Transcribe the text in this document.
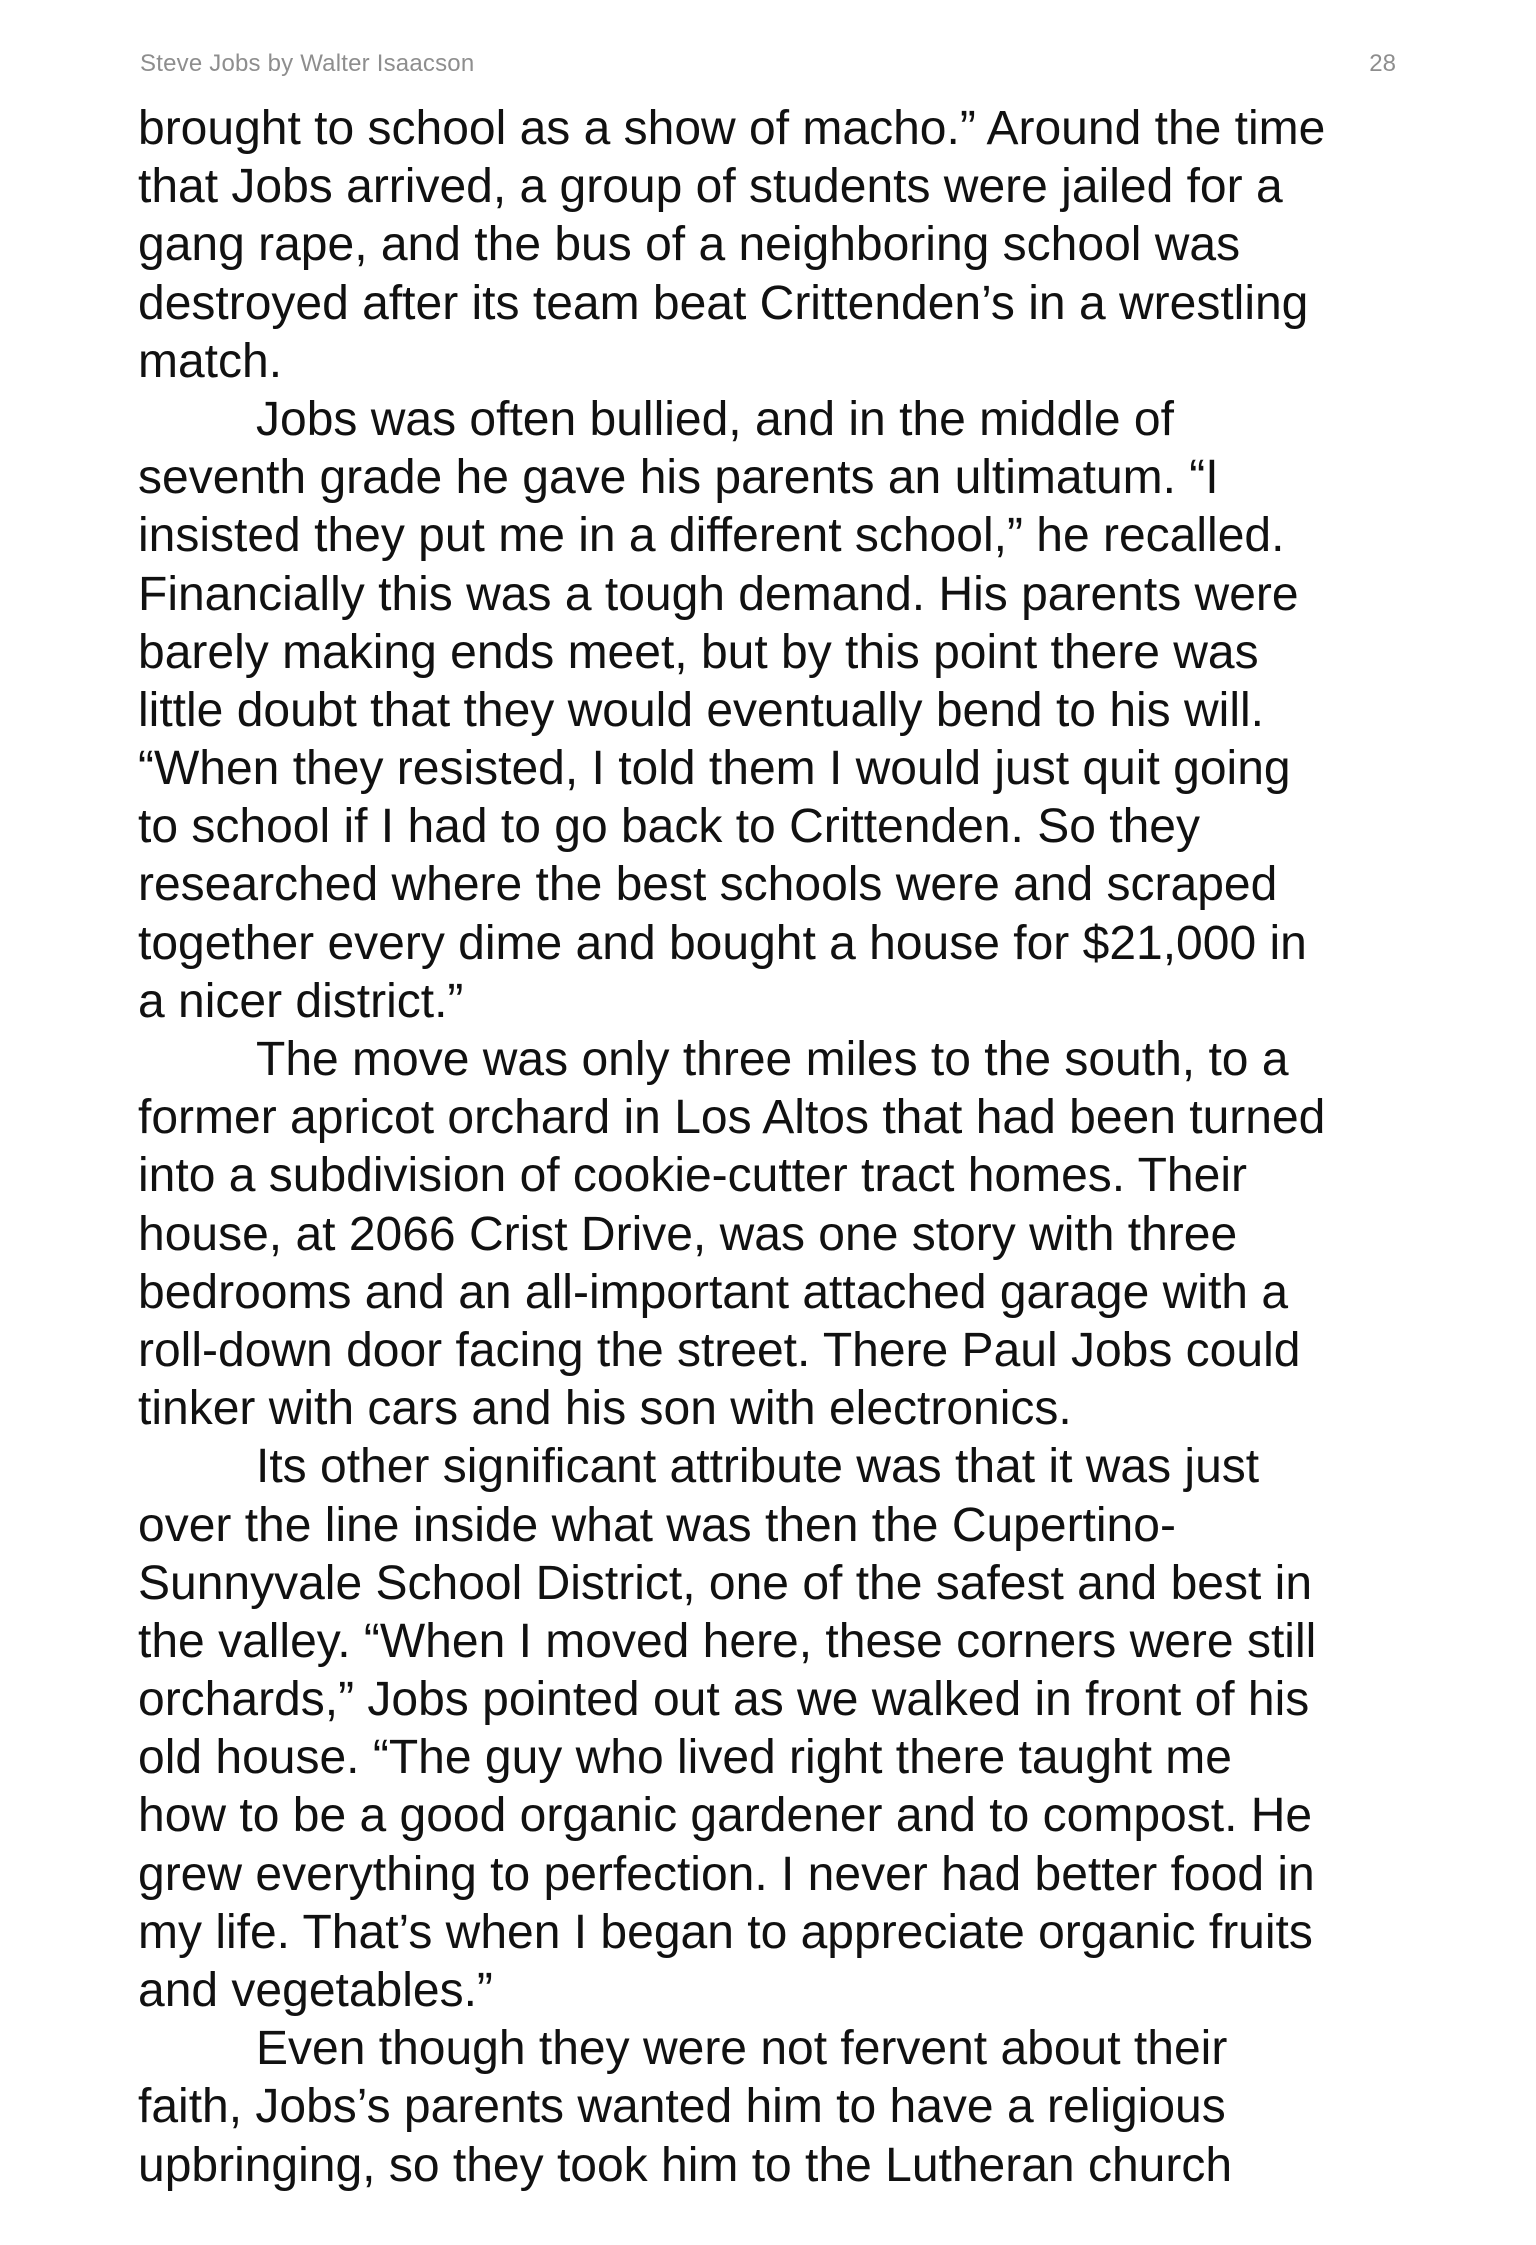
Steve Jobs by Walter Isaacson	28
brought to school as a show of macho.” Around the time
that Jobs arrived, a group of students were jailed for a
gang rape, and the bus of a neighboring school was
destroyed after its team beat Crittenden’s in a wrestling
match.
Jobs was often bullied, and in the middle of
seventh grade he gave his parents an ultimatum. “I
insisted they put me in a different school,” he recalled.
Financially this was a tough demand. His parents were
barely making ends meet, but by this point there was
little doubt that they would eventually bend to his will.
“When they resisted, I told them I would just quit going
to school if I had to go back to Crittenden. So they
researched where the best schools were and scraped
together every dime and bought a house for $21,000 in
a nicer district.”
The move was only three miles to the south, to a
former apricot orchard in Los Altos that had been turned
into a subdivision of cookie-cutter tract homes. Their
house, at 2066 Crist Drive, was one story with three
bedrooms and an all-important attached garage with a
roll-down door facing the street. There Paul Jobs could
tinker with cars and his son with electronics.
Its other significant attribute was that it was just
over the line inside what was then the Cupertino-
Sunnyvale School District, one of the safest and best in
the valley. “When I moved here, these corners were still
orchards,” Jobs pointed out as we walked in front of his
old house. “The guy who lived right there taught me
how to be a good organic gardener and to compost. He
grew everything to perfection. I never had better food in
my life. That’s when I began to appreciate organic fruits
and vegetables.”
Even though they were not fervent about their
faith, Jobs’s parents wanted him to have a religious
upbringing, so they took him to the Lutheran church
